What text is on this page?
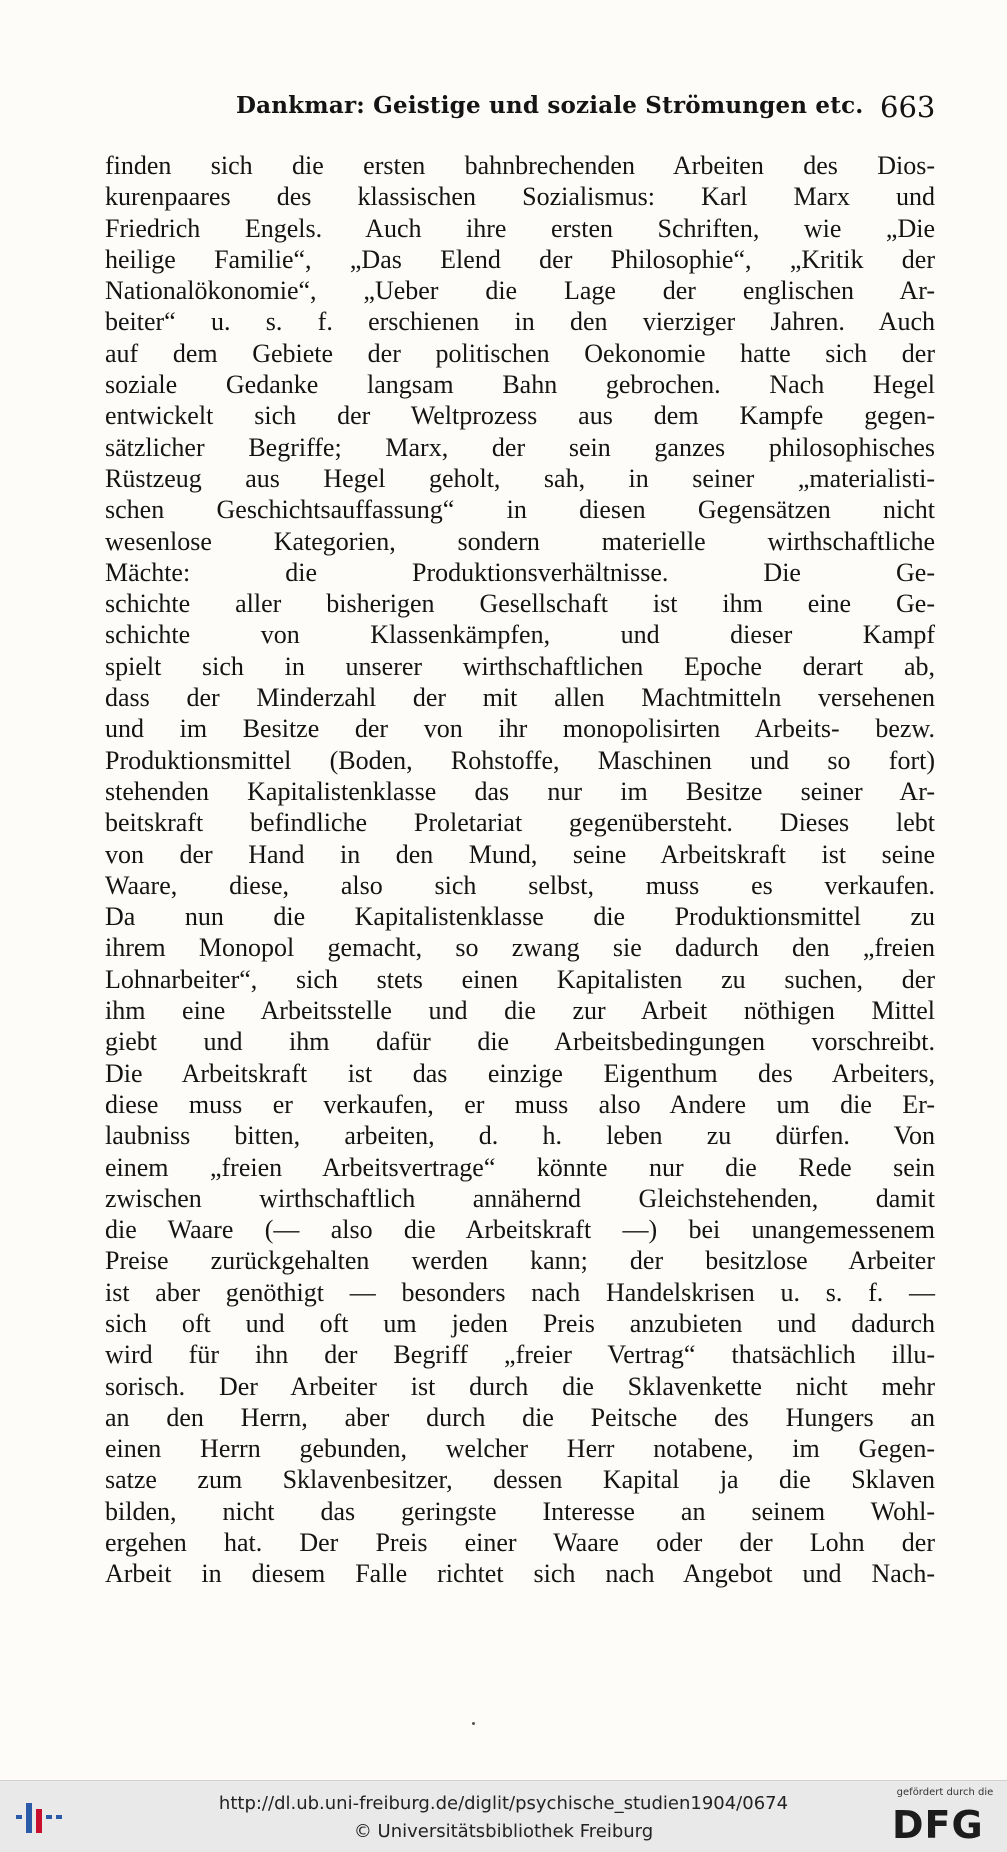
Dankmar: Geistige und soziale Strömungen etc. 663
finden sich die ersten bahnbrechenden Arbeiten des Dios-
kurenpaares des klassischen Sozialismus: Karl Marx und
Friedrich Engels. Auch ihre ersten Schriften, wie „Die
heilige Familie“, „Das Elend der Philosophie“, „Kritik der
Nationalökonomie“, „Ueber die Lage der englischen Ar-
beiter“ u. s. f. erschienen in den vierziger Jahren. Auch
auf dem Gebiete der politischen Oekonomie hatte sich der
soziale Gedanke langsam Bahn gebrochen. Nach Hegel
entwickelt sich der Weltprozess aus dem Kampfe gegen-
sätzlicher Begriffe; Marx, der sein ganzes philosophisches
Rüstzeug aus Hegel geholt, sah, in seiner „materialisti-
schen Geschichtsauffassung“ in diesen Gegensätzen nicht
wesenlose Kategorien, sondern materielle wirthschaftliche
Mächte: die Produktionsverhältnisse. Die Ge-
schichte aller bisherigen Gesellschaft ist ihm eine Ge-
schichte von Klassenkämpfen, und dieser Kampf
spielt sich in unserer wirthschaftlichen Epoche derart ab,
dass der Minderzahl der mit allen Machtmitteln versehenen
und im Besitze der von ihr monopolisirten Arbeits- bezw.
Produktionsmittel (Boden, Rohstoffe, Maschinen und so fort)
stehenden Kapitalistenklasse das nur im Besitze seiner Ar-
beitskraft befindliche Proletariat gegenübersteht. Dieses lebt
von der Hand in den Mund, seine Arbeitskraft ist seine
Waare, diese, also sich selbst, muss es verkaufen.
Da nun die Kapitalistenklasse die Produktionsmittel zu
ihrem Monopol gemacht, so zwang sie dadurch den „freien
Lohnarbeiter“, sich stets einen Kapitalisten zu suchen, der
ihm eine Arbeitsstelle und die zur Arbeit nöthigen Mittel
giebt und ihm dafür die Arbeitsbedingungen vorschreibt.
Die Arbeitskraft ist das einzige Eigenthum des Arbeiters,
diese muss er verkaufen, er muss also Andere um die Er-
laubniss bitten, arbeiten, d. h. leben zu dürfen. Von
einem „freien Arbeitsvertrage“ könnte nur die Rede sein
zwischen wirthschaftlich annähernd Gleichstehenden, damit
die Waare (— also die Arbeitskraft —) bei unangemessenem
Preise zurückgehalten werden kann; der besitzlose Arbeiter
ist aber genöthigt — besonders nach Handelskrisen u. s. f. —
sich oft und oft um jeden Preis anzubieten und dadurch
wird für ihn der Begriff „freier Vertrag“ thatsächlich illu-
sorisch. Der Arbeiter ist durch die Sklavenkette nicht mehr
an den Herrn, aber durch die Peitsche des Hungers an
einen Herrn gebunden, welcher Herr notabene, im Gegen-
satze zum Sklavenbesitzer, dessen Kapital ja die Sklaven
bilden, nicht das geringste Interesse an seinem Wohl-
ergehen hat. Der Preis einer Waare oder der Lohn der
Arbeit in diesem Falle richtet sich nach Angebot und Nach-
http://dl.ub.uni-freiburg.de/diglit/psychische_studien1904/0674
© Universitätsbibliothek Freiburg
gefördert durch die
DFG
